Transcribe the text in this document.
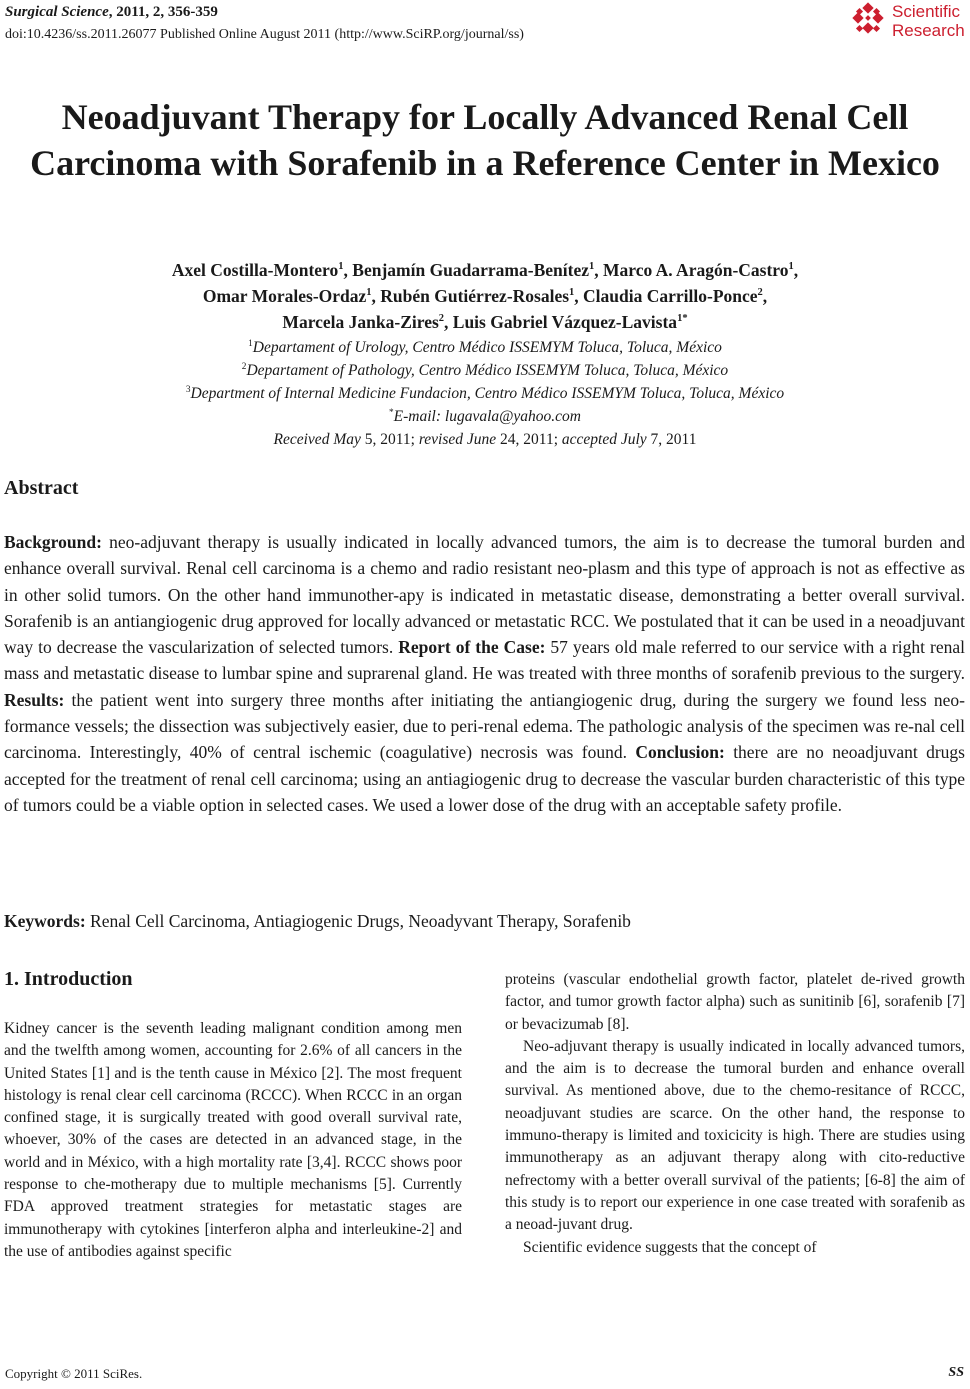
Surgical Science, 2011, 2, 356-359
doi:10.4236/ss.2011.26077 Published Online August 2011 (http://www.SciRP.org/journal/ss)
Scientific
Research
Neoadjuvant Therapy for Locally Advanced Renal Cell Carcinoma with Sorafenib in a Reference Center in Mexico
Axel Costilla-Montero$^1$, Benjamín Guadarrama-Benítez$^1$, Marco A. Aragón-Castro$^1$,
Omar Morales-Ordaz$^1$, Rubén Gutiérrez-Rosales$^1$, Claudia Carrillo-Ponce$^2$,
Marcela Janka-Zires$^2$, Luis Gabriel Vázquez-Lavista$^{1*}$
$^1$Departament of Urology, Centro Médico ISSEMYM Toluca, Toluca, México
$^2$Departament of Pathology, Centro Médico ISSEMYM Toluca, Toluca, México
$^3$Department of Internal Medicine Fundacion, Centro Médico ISSEMYM Toluca, Toluca, México
*E-mail: lugavala@yahoo.com
Received May 5, 2011; revised June 24, 2011; accepted July 7, 2011
Abstract
Background: neo-adjuvant therapy is usually indicated in locally advanced tumors, the aim is to decrease the tumoral burden and enhance overall survival. Renal cell carcinoma is a chemo and radio resistant neo-plasm and this type of approach is not as effective as in other solid tumors. On the other hand immunother-apy is indicated in metastatic disease, demonstrating a better overall survival. Sorafenib is an antiangiogenic drug approved for locally advanced or metastatic RCC. We postulated that it can be used in a neoadjuvant way to decrease the vascularization of selected tumors. Report of the Case: 57 years old male referred to our service with a right renal mass and metastatic disease to lumbar spine and suprarenal gland. He was treated with three months of sorafenib previous to the surgery. Results: the patient went into surgery three months after initiating the antiangiogenic drug, during the surgery we found less neo-formance vessels; the dissection was subjectively easier, due to peri-renal edema. The pathologic analysis of the specimen was re-nal cell carcinoma. Interestingly, 40% of central ischemic (coagulative) necrosis was found. Conclusion: there are no neoadjuvant drugs accepted for the treatment of renal cell carcinoma; using an antiagiogenic drug to decrease the vascular burden characteristic of this type of tumors could be a viable option in selected cases. We used a lower dose of the drug with an acceptable safety profile.
Keywords: Renal Cell Carcinoma, Antiagiogenic Drugs, Neoadyvant Therapy, Sorafenib
1. Introduction

Kidney cancer is the seventh leading malignant condition among men and the twelfth among women, accounting for 2.6% of all cancers in the United States [1] and is the tenth cause in México [2]. The most frequent histology is renal clear cell carcinoma (RCCC). When RCCC in an organ confined stage, it is surgically treated with good overall survival rate, whoever, 30% of the cases are detected in an advanced stage, in the world and in México, with a high mortality rate [3,4]. RCCC shows poor response to che-motherapy due to multiple mechanisms [5]. Currently FDA approved treatment strategies for metastatic stages are immunotherapy with cytokines [interferon alpha and interleukine-2] and the use of antibodies against specific

proteins (vascular endothelial growth factor, platelet de-rived growth factor, and tumor growth factor alpha) such as sunitinib [6], sorafenib [7] or bevacizumab [8].

Neo-adjuvant therapy is usually indicated in locally advanced tumors, and the aim is to decrease the tumoral burden and enhance overall survival. As mentioned above, due to the chemo-resitance of RCCC, neoadjuvant studies are scarce. On the other hand, the response to immuno-therapy is limited and toxicicity is high. There are studies using immunotherapy as an adjuvant therapy along with cito-reductive nefrectomy with a better overall survival of the patients; [6-8] the aim of this study is to report our experience in one case treated with sorafenib as a neoad-juvant drug.

Scientific evidence suggests that the concept of

Copyright © 2011 SciRes.	SS
